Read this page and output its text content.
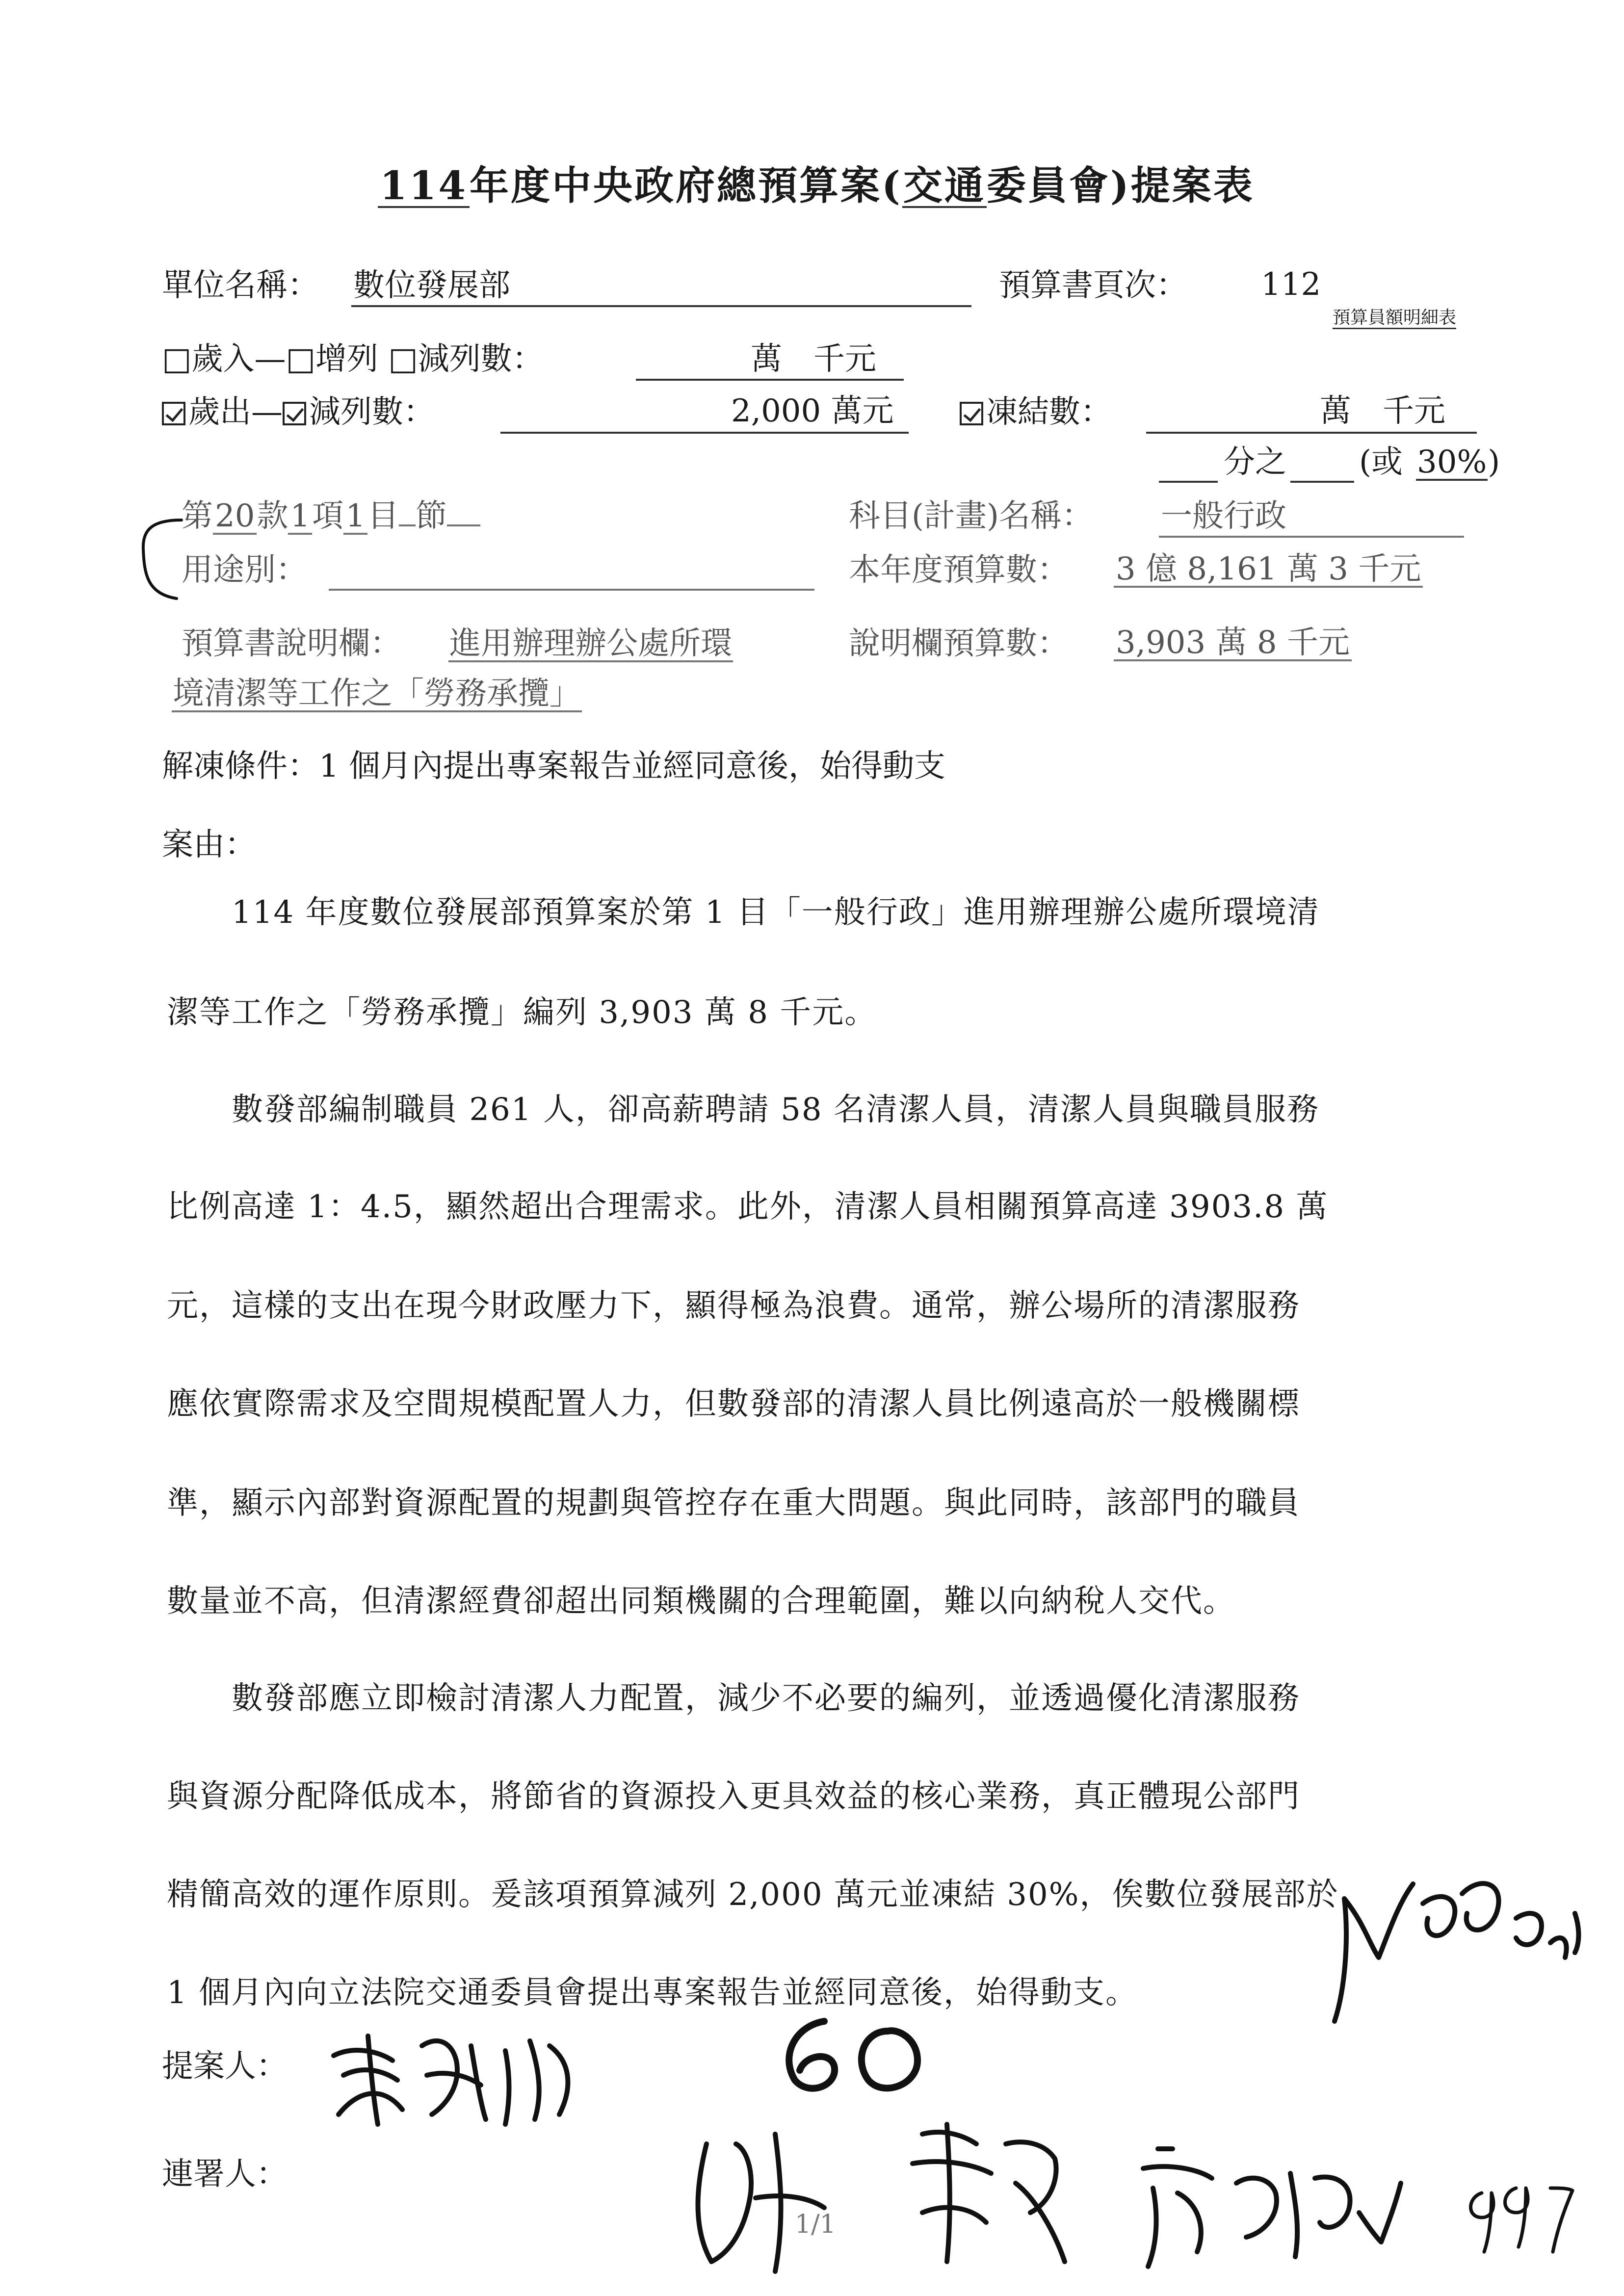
114年度中央政府總預算案(交通委員會)提案表
單位名稱： 數位發展部	預算書頁次： 112
預算員額明細表
□歲入—□增列 □減列數：	萬　千元
歲出— 減列數：	2,000 萬元	凍結數：	萬　千元
分之 (或 30%)
第20款1項1目 節	科目(計畫)名稱： 一般行政
用途別：	本年度預算數： 3 億 8,161 萬 3 千元
預算書說明欄： 進用辦理辦公處所環
境清潔等工作之「勞務承攬」
說明欄預算數： 3,903 萬 8 千元
解凍條件：1 個月內提出專案報告並經同意後，始得動支
案由：
　　114 年度數位發展部預算案於第 1 目「一般行政」進用辦理辦公處所環境清
潔等工作之「勞務承攬」編列 3,903 萬 8 千元。
　　數發部編制職員 261 人，卻高薪聘請 58 名清潔人員，清潔人員與職員服務
比例高達 1：4.5，顯然超出合理需求。此外，清潔人員相關預算高達 3903.8 萬
元，這樣的支出在現今財政壓力下，顯得極為浪費。通常，辦公場所的清潔服務
應依實際需求及空間規模配置人力，但數發部的清潔人員比例遠高於一般機關標
準，顯示內部對資源配置的規劃與管控存在重大問題。與此同時，該部門的職員
數量並不高，但清潔經費卻超出同類機關的合理範圍，難以向納稅人交代。
　　數發部應立即檢討清潔人力配置，減少不必要的編列，並透過優化清潔服務
與資源分配降低成本，將節省的資源投入更具效益的核心業務，真正體現公部門
精簡高效的運作原則。爰該項預算減列 2,000 萬元並凍結 30%，俟數位發展部於
1 個月內向立法院交通委員會提出專案報告並經同意後，始得動支。
提案人：
連署人：
1/1
